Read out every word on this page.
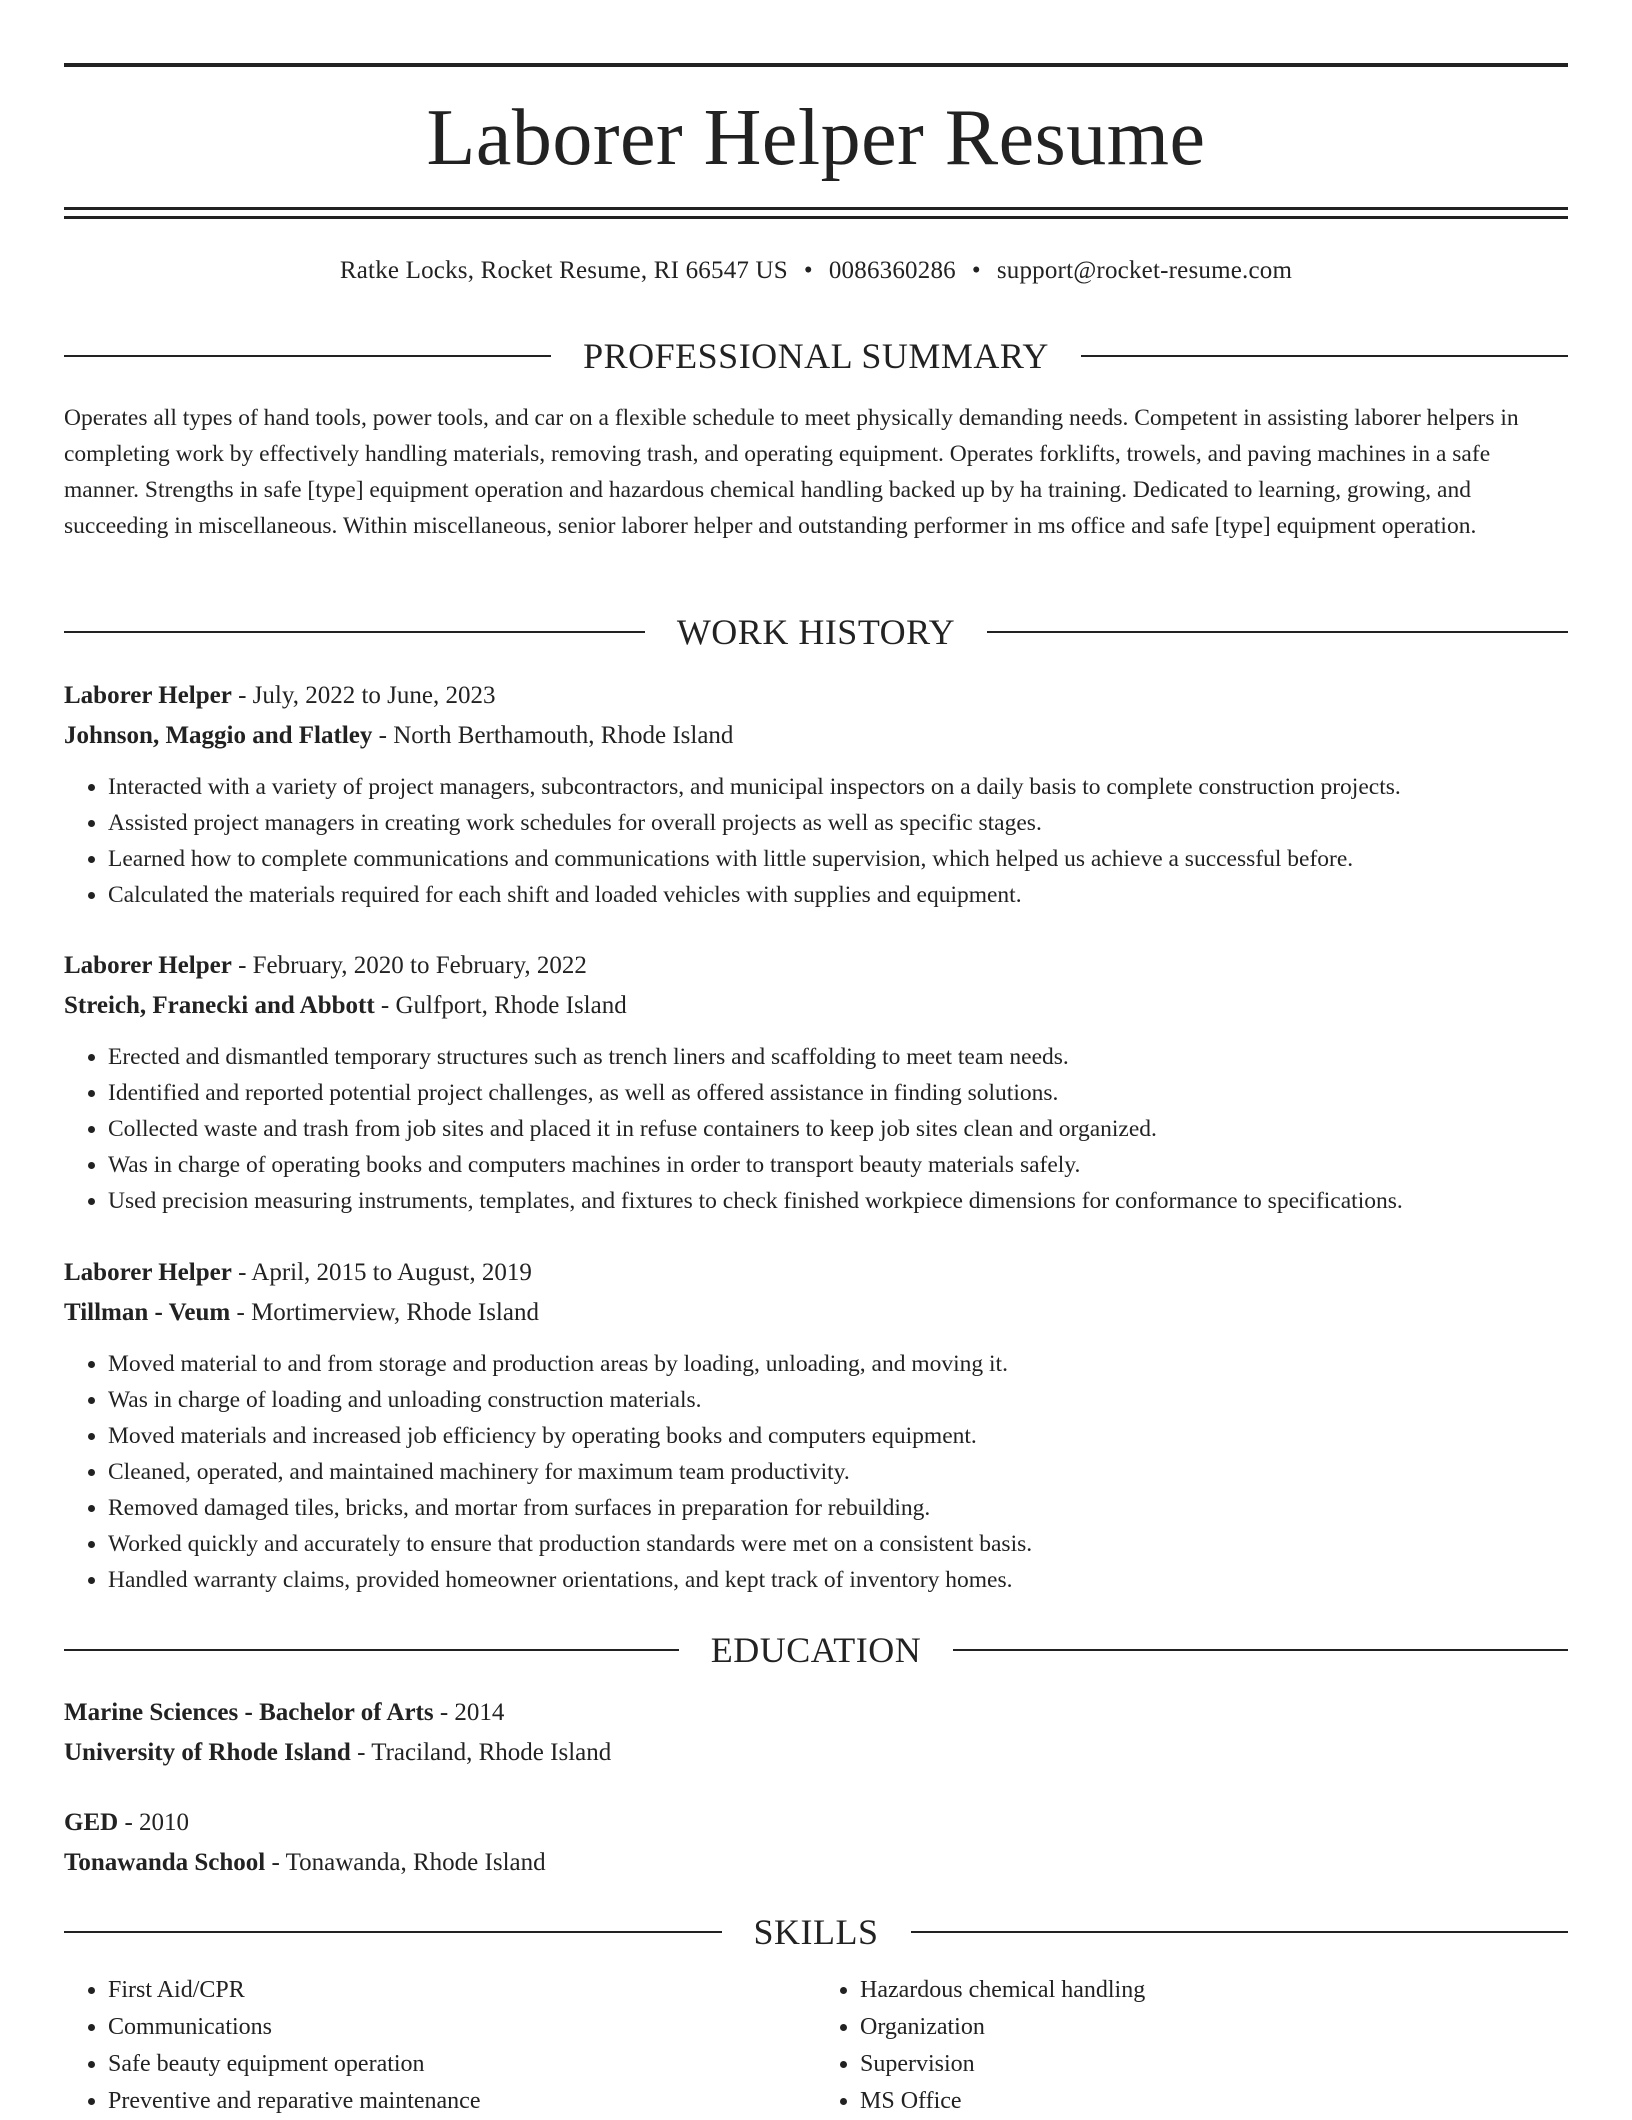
Laborer Helper Resume
Ratke Locks, Rocket Resume, RI 66547 US • 0086360286 • support@rocket-resume.com
PROFESSIONAL SUMMARY

Operates all types of hand tools, power tools, and car on a flexible schedule to meet physically demanding needs. Competent in assisting laborer helpers in completing work by effectively handling materials, removing trash, and operating equipment. Operates forklifts, trowels, and paving machines in a safe manner. Strengths in safe [type] equipment operation and hazardous chemical handling backed up by ha training. Dedicated to learning, growing, and succeeding in miscellaneous. Within miscellaneous, senior laborer helper and outstanding performer in ms office and safe [type] equipment operation.

WORK HISTORY
Laborer Helper - July, 2022 to June, 2023
Johnson, Maggio and Flatley - North Berthamouth, Rhode Island
• Interacted with a variety of project managers, subcontractors, and municipal inspectors on a daily basis to complete construction projects.
• Assisted project managers in creating work schedules for overall projects as well as specific stages.
• Learned how to complete communications and communications with little supervision, which helped us achieve a successful before.
• Calculated the materials required for each shift and loaded vehicles with supplies and equipment.
Laborer Helper - February, 2020 to February, 2022
Streich, Franecki and Abbott - Gulfport, Rhode Island
• Erected and dismantled temporary structures such as trench liners and scaffolding to meet team needs.
• Identified and reported potential project challenges, as well as offered assistance in finding solutions.
• Collected waste and trash from job sites and placed it in refuse containers to keep job sites clean and organized.
• Was in charge of operating books and computers machines in order to transport beauty materials safely.
• Used precision measuring instruments, templates, and fixtures to check finished workpiece dimensions for conformance to specifications.
Laborer Helper - April, 2015 to August, 2019
Tillman - Veum - Mortimerview, Rhode Island
• Moved material to and from storage and production areas by loading, unloading, and moving it.
• Was in charge of loading and unloading construction materials.
• Moved materials and increased job efficiency by operating books and computers equipment.
• Cleaned, operated, and maintained machinery for maximum team productivity.
• Removed damaged tiles, bricks, and mortar from surfaces in preparation for rebuilding.
• Worked quickly and accurately to ensure that production standards were met on a consistent basis.
• Handled warranty claims, provided homeowner orientations, and kept track of inventory homes.
EDUCATION
Marine Sciences - Bachelor of Arts - 2014
University of Rhode Island - Traciland, Rhode Island
GED - 2010
Tonawanda School - Tonawanda, Rhode Island
SKILLS
• First Aid/CPR
• Communications
• Safe beauty equipment operation
• Preventive and reparative maintenance
• Hazardous chemical handling
• Organization
• Supervision
• MS Office
